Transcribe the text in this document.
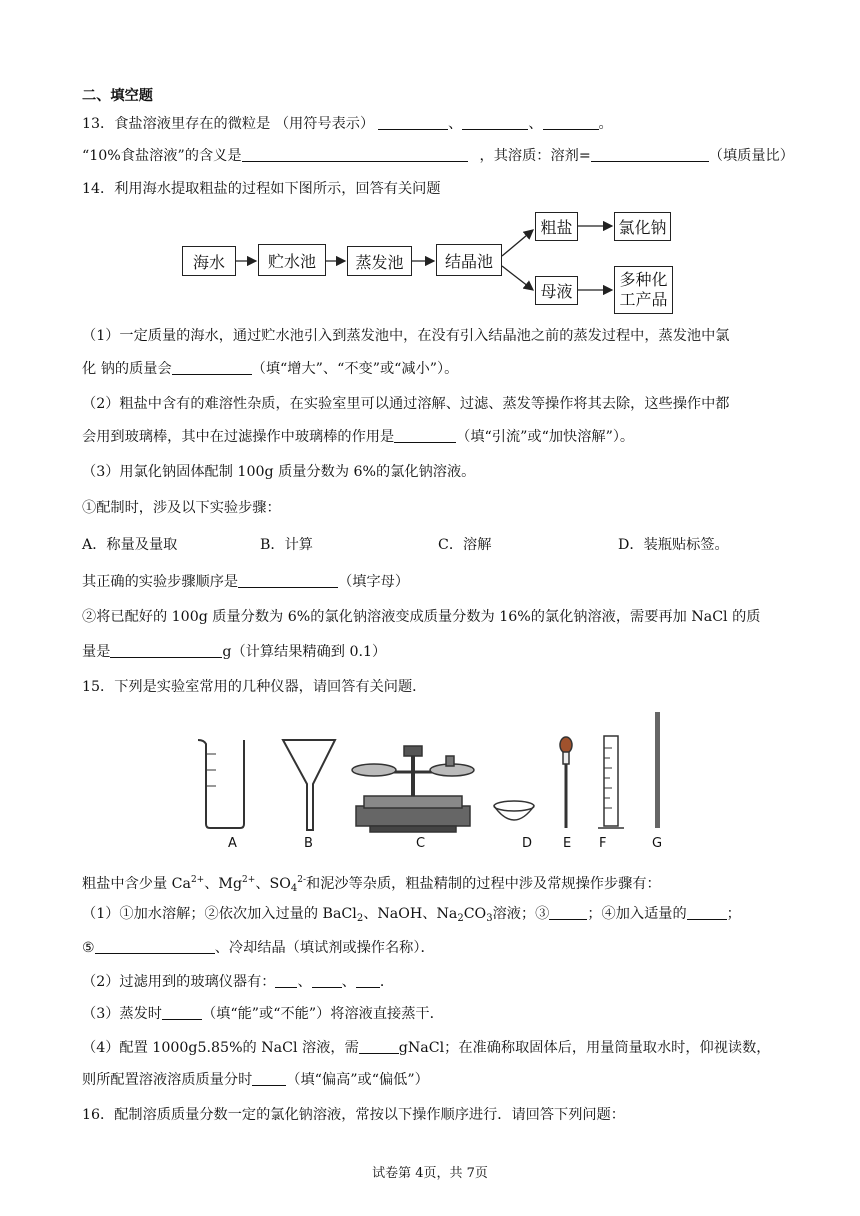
二、填空题
13．食盐溶液里存在的微粒是 （用符号表示）	、	、	。
“10%食盐溶液”的含义是	，其溶质：溶剂=	（填质量比）
14．利用海水提取粗盐的过程如下图所示，回答有关问题
海水	贮水池	蒸发池	结晶池
粗盐	氯化钠
母液
多种化
工产品
（1）一定质量的海水，通过贮水池引入到蒸发池中，在没有引入结晶池之前的蒸发过程中，蒸发池中氯
化 钠的质量会	（填“增大”、“不变”或“减小”）。
（2）粗盐中含有的难溶性杂质，在实验室里可以通过溶解、过滤、蒸发等操作将其去除，这些操作中都
会用到玻璃棒，其中在过滤操作中玻璃棒的作用是	（填“引流”或“加快溶解”）。
（3）用氯化钠固体配制 100g 质量分数为 6%的氯化钠溶液。
①配制时，涉及以下实验步骤：
A．称量及量取	B．计算	C．溶解	D．装瓶贴标签。
其正确的实验步骤顺序是	（填字母）
②将已配好的 100g 质量分数为 6%的氯化钠溶液变成质量分数为 16%的氯化钠溶液，需要再加 NaCl 的质
量是	g（计算结果精确到 0.1）
15．下列是实验室常用的几种仪器，请回答有关问题．
A	B	C	D E F	G
粗盐中含少量 $Ca^{2+}$、$Mg^{2+}$、$SO_4^{2-}$和泥沙等杂质，粗盐精制的过程中涉及常规操作步骤有：
（1）①加水溶解；②依次加入过量的 BaCl$_2$、NaOH、$Na_2CO_3$溶液；③	；④加入适量的	；
⑤	、冷却结晶（填试剂或操作名称）．
（2）过滤用到的玻璃仪器有： 、 、 ．
（3）蒸发时	（填“能”或“不能”）将溶液直接蒸干．
（4）配置 1000g5.85%的 NaCl 溶液，需	gNaCl；在准确称取固体后，用量筒量取水时，仰视读数，
则所配置溶液溶质质量分时 （填“偏高”或“偏低”）
16．配制溶质质量分数一定的氯化钠溶液，常按以下操作顺序进行．请回答下列问题：
试卷第 4页，共 7页
